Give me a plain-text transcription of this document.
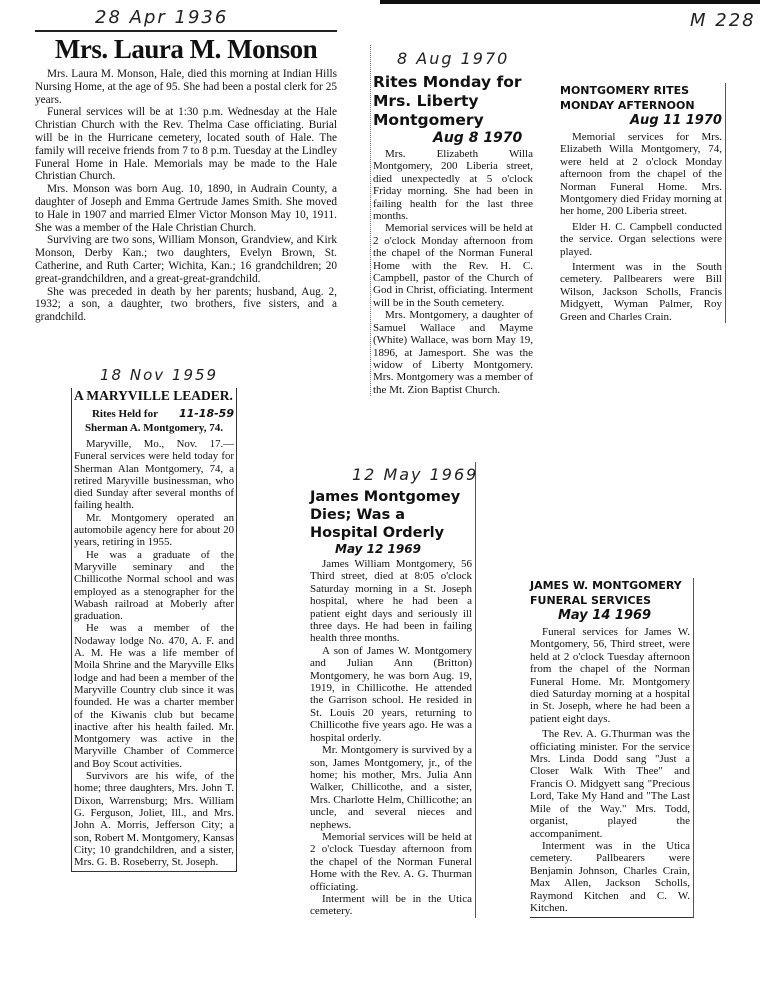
M 228
28 Apr 1936
Mrs. Laura M. Monson

Mrs. Laura M. Monson, Hale, died this morning at Indian Hills Nursing Home, at the age of 95. She had been a postal clerk for 25 years.

Funeral services will be at 1:30 p.m. Wednesday at the Hale Christian Church with the Rev. Thelma Case officiating. Burial will be in the Hurricane cemetery, located south of Hale. The family will receive friends from 7 to 8 p.m. Tuesday at the Lindley Funeral Home in Hale. Memorials may be made to the Hale Christian Church.

Mrs. Monson was born Aug. 10, 1890, in Audrain County, a daughter of Joseph and Emma Gertrude James Smith. She moved to Hale in 1907 and married Elmer Victor Monson May 10, 1911. She was a member of the Hale Christian Church.

Surviving are two sons, William Monson, Grandview, and Kirk Monson, Derby Kan.; two daughters, Evelyn Brown, St. Catherine, and Ruth Carter; Wichita, Kan.; 16 grandchildren; 20 great-grandchildren, and a great-great-grandchild.

She was preceded in death by her parents; husband, Aug. 2, 1932; a son, a daughter, two brothers, five sisters, and a grandchild.

8 Aug 1970
Rites Monday for Mrs. Liberty Montgomery
Aug 8 1970

Mrs. Elizabeth Willa Montgomery, 200 Liberia street, died unexpectedly at 5 o'clock Friday morning. She had been in failing health for the last three months.

Memorial services will be held at 2 o'clock Monday afternoon from the chapel of the Norman Funeral Home with the Rev. H. C. Campbell, pastor of the Church of God in Christ, officiating. Interment will be in the South cemetery.

Mrs. Montgomery, a daughter of Samuel Wallace and Mayme (White) Wallace, was born May 19, 1896, at Jamesport. She was the widow of Liberty Montgomery. Mrs. Montgomery was a member of the Mt. Zion Baptist Church.

MONTGOMERY RITES MONDAY AFTERNOON
Aug 11 1970

Memorial services for Mrs. Elizabeth Willa Montgomery, 74, were held at 2 o'clock Monday afternoon from the chapel of the Norman Funeral Home. Mrs. Montgomery died Friday morning at her home, 200 Liberia street.

Elder H. C. Campbell conducted the service. Organ selections were played.

Interment was in the South cemetery. Pallbearers were Bill Wilson, Jackson Scholls, Francis Midgyett, Wyman Palmer, Roy Green and Charles Crain.

18 Nov 1959
A MARYVILLE LEADER.
11-18-59
Rites Held for Sherman A. Montgomery, 74.

Maryville, Mo., Nov. 17.—Funeral services were held today for Sherman Alan Montgomery, 74, a retired Maryville businessman, who died Sunday after several months of failing health.

Mr. Montgomery operated an automobile agency here for about 20 years, retiring in 1955.

He was a graduate of the Maryville seminary and the Chillicothe Normal school and was employed as a stenographer for the Wabash railroad at Moberly after graduation.

He was a member of the Nodaway lodge No. 470, A. F. and A. M. He was a life member of Moila Shrine and the Maryville Elks lodge and had been a member of the Maryville Country club since it was founded. He was a charter member of the Kiwanis club but became inactive after his health failed. Mr. Montgomery was active in the Maryville Chamber of Commerce and Boy Scout activities.

Survivors are his wife, of the home; three daughters, Mrs. John T. Dixon, Warrensburg; Mrs. William G. Ferguson, Joliet, Ill., and Mrs. John A. Morris, Jefferson City; a son, Robert M. Montgomery, Kansas City; 10 grandchildren, and a sister, Mrs. G. B. Roseberry, St. Joseph.

12 May 1969
James Montgomey Dies; Was a Hospital Orderly
May 12 1969

James William Montgomery, 56 Third street, died at 8:05 o'clock Saturday morning in a St. Joseph hospital, where he had been a patient eight days and seriously ill three days. He had been in failing health three months.

A son of James W. Montgomery and Julian Ann (Britton) Montgomery, he was born Aug. 19, 1919, in Chillicothe. He attended the Garrison school. He resided in St. Louis 20 years, returning to Chillicothe five years ago. He was a hospital orderly.

Mr. Montgomery is survived by a son, James Montgomery, jr., of the home; his mother, Mrs. Julia Ann Walker, Chillicothe, and a sister, Mrs. Charlotte Helm, Chillicothe; an uncle, and several nieces and nephews.

Memorial services will be held at 2 o'clock Tuesday afternoon from the chapel of the Norman Funeral Home with the Rev. A. G. Thurman officiating.

Interment will be in the Utica cemetery.

JAMES W. MONTGOMERY FUNERAL SERVICES
May 14 1969

Funeral services for James W. Montgomery, 56, Third street, were held at 2 o'clock Tuesday afternoon from the chapel of the Norman Funeral Home. Mr. Montgomery died Saturday morning at a hospital in St. Joseph, where he had been a patient eight days.

The Rev. A. G.Thurman was the officiating minister. For the service Mrs. Linda Dodd sang "Just a Closer Walk With Thee" and Francis O. Midgyett sang "Precious Lord, Take My Hand and "The Last Mile of the Way." Mrs. Todd, organist, played the accompaniment.

Interment was in the Utica cemetery. Pallbearers were Benjamin Johnson, Charles Crain, Max Allen, Jackson Scholls, Raymond Kitchen and C. W. Kitchen.
